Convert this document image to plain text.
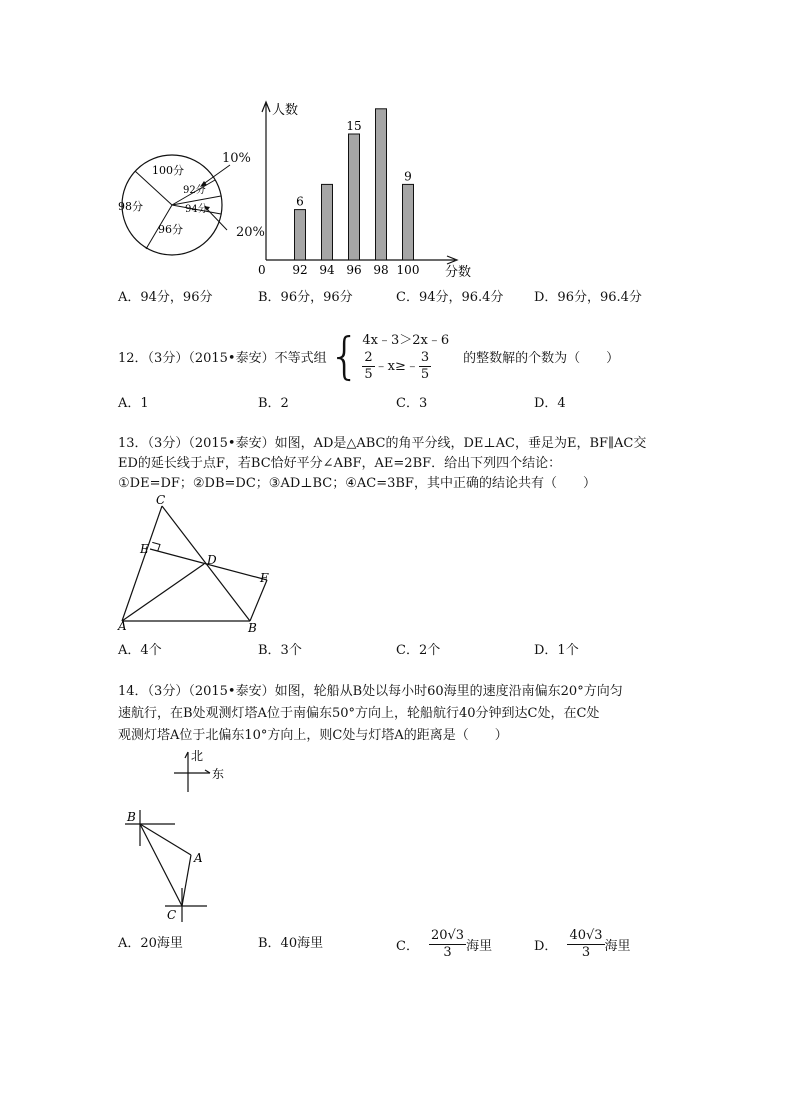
100分
98分
96分
92分
94分
10%
20%
人数
分数
0 92
6
94 96
15
98 100
9
A．94分，96分	B．96分，96分	C．94分，96.4分 D．96分，96.4分
12．（3分）（2015•泰安）不等式组 { 4x﹣3＞2x﹣6
$\frac{2}{5}$ ﹣x≥﹣ $\frac{3}{5}$ 的整数解的个数为（　　）
A．1	B．2	C．3	D．4
13．（3分）（2015•泰安）如图，AD是△ABC的角平分线，DE⊥AC，垂足为E，BF∥AC交
ED的延长线于点F，若BC恰好平分∠ABF，AE=2BF．给出下列四个结论：
①DE=DF；②DB=DC；③AD⊥BC；④AC=3BF，其中正确的结论共有（　　）
C
E
D
F
A	B
A．4个	B．3个	C．2个	D．1个
14．（3分）（2015•泰安）如图，轮船从B处以每小时60海里的速度沿南偏东20°方向匀
速航行，在B处观测灯塔A位于南偏东50°方向上，轮船航行40分钟到达C处，在C处
观测灯塔A位于北偏东10°方向上，则C处与灯塔A的距离是（　　）
北
东
B
A
C
A．20海里	B．40海里	C． $\frac{20√3}{3}$ 海里	D． $\frac{40√3}{3}$ 海里
